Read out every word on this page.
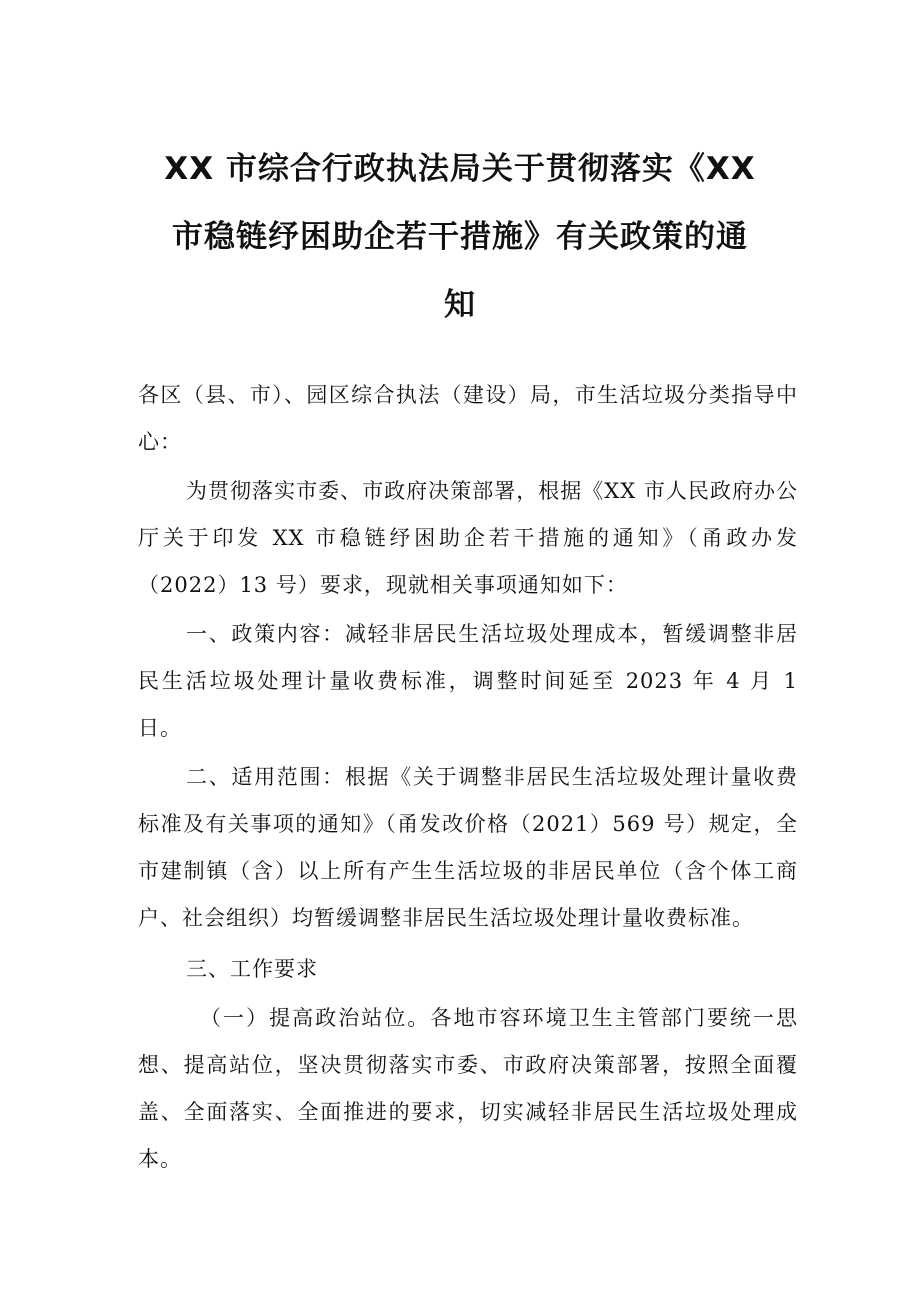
XX 市综合行政执法局关于贯彻落实《XX
市稳链纾困助企若干措施》有关政策的通
知

各区（县、市）、园区综合执法（建设）局，市生活垃圾分类指导中心：

为贯彻落实市委、市政府决策部署，根据《XX 市人民政府办公厅关于印发 XX 市稳链纾困助企若干措施的通知》（甬政办发（2022）13 号）要求，现就相关事项通知如下：

一、政策内容：减轻非居民生活垃圾处理成本，暂缓调整非居民生活垃圾处理计量收费标准，调整时间延至 2023 年 4 月 1 日。

二、适用范围：根据《关于调整非居民生活垃圾处理计量收费标准及有关事项的通知》（甬发改价格（2021）569 号）规定，全市建制镇（含）以上所有产生生活垃圾的非居民单位（含个体工商户、社会组织）均暂缓调整非居民生活垃圾处理计量收费标准。

三、工作要求

（一）提高政治站位。各地市容环境卫生主管部门要统一思想、提高站位，坚决贯彻落实市委、市政府决策部署，按照全面覆盖、全面落实、全面推进的要求，切实减轻非居民生活垃圾处理成本。
